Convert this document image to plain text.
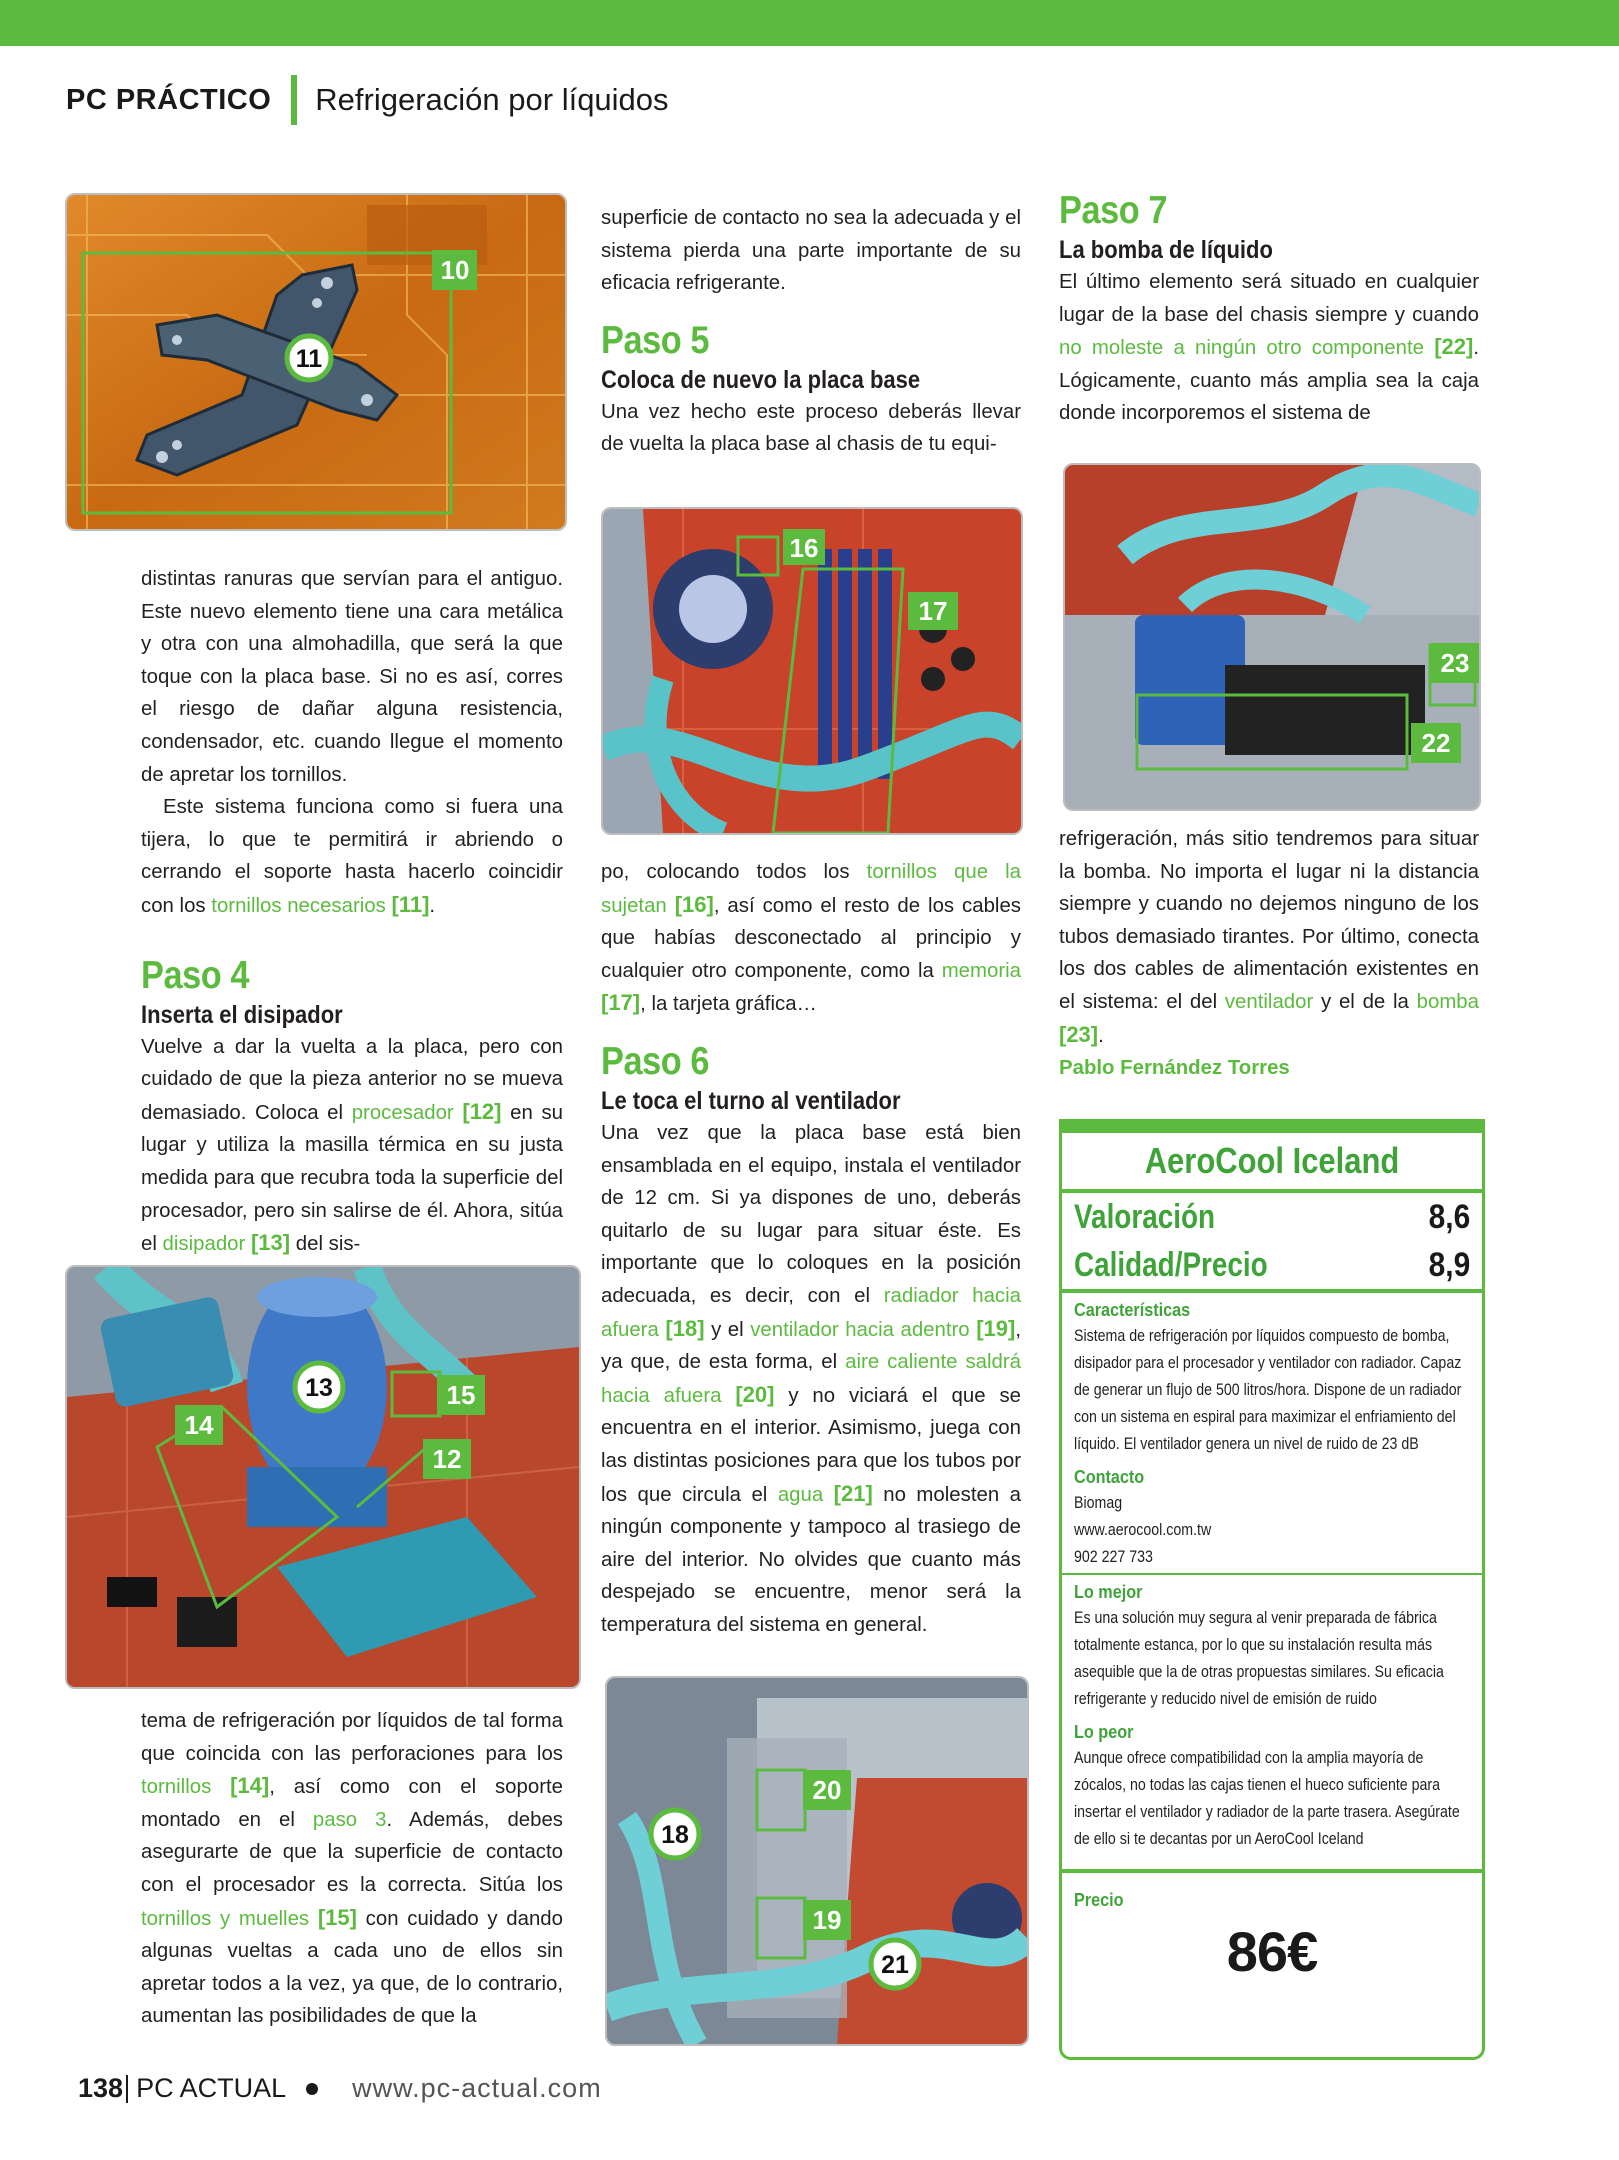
PC PRÁCTICO Refrigeración por líquidos
10
11
16
17
23
22
13	15
14
12
20
18
19
21

distintas ranuras que servían para el antiguo. Este nuevo elemento tiene una cara metálica y otra con una almohadilla, que será la que toque con la placa base. Si no es así, corres el riesgo de dañar alguna resistencia, condensador, etc. cuando llegue el momento de apretar los tornillos.

Este sistema funciona como si fuera una tijera, lo que te permitirá ir abriendo o cerrando el soporte hasta hacerlo coincidir con los tornillos necesarios [11].

Paso 4
Inserta el disipador

Vuelve a dar la vuelta a la placa, pero con cuidado de que la pieza anterior no se mueva demasiado. Coloca el procesador [12] en su lugar y utiliza la masilla térmica en su justa medida para que recubra toda la superficie del procesador, pero sin salirse de él. Ahora, sitúa el disipador [13] del sis-

tema de refrigeración por líquidos de tal forma que coincida con las perforaciones para los tornillos [14], así como con el soporte montado en el paso 3. Además, debes asegurarte de que la superficie de contacto con el procesador es la correcta. Sitúa los tornillos y muelles [15] con cuidado y dando algunas vueltas a cada uno de ellos sin apretar todos a la vez, ya que, de lo contrario, aumentan las posibilidades de que la

superficie de contacto no sea la adecuada y el sistema pierda una parte importante de su eficacia refrigerante.

Paso 5
Coloca de nuevo la placa base

Una vez hecho este proceso deberás llevar de vuelta la placa base al chasis de tu equi-

po, colocando todos los tornillos que la sujetan [16], así como el resto de los cables que habías desconectado al principio y cualquier otro componente, como la memoria [17], la tarjeta gráfica…

Paso 6
Le toca el turno al ventilador

Una vez que la placa base está bien ensamblada en el equipo, instala el ventilador de 12 cm. Si ya dispones de uno, deberás quitarlo de su lugar para situar éste. Es importante que lo coloques en la posición adecuada, es decir, con el radiador hacia afuera [18] y el ventilador hacia adentro [19], ya que, de esta forma, el aire caliente saldrá hacia afuera [20] y no viciará el que se encuentra en el interior. Asimismo, juega con las distintas posiciones para que los tubos por los que circula el agua [21] no molesten a ningún componente y tampoco al trasiego de aire del interior. No olvides que cuanto más despejado se encuentre, menor será la temperatura del sistema en general.

Paso 7
La bomba de líquido

El último elemento será situado en cualquier lugar de la base del chasis siempre y cuando no moleste a ningún otro componente [22]. Lógicamente, cuanto más amplia sea la caja donde incorporemos el sistema de

refrigeración, más sitio tendremos para situar la bomba. No importa el lugar ni la distancia siempre y cuando no dejemos ninguno de los tubos demasiado tirantes. Por último, conecta los dos cables de alimentación existentes en el sistema: el del ventilador y el de la bomba [23].

Pablo Fernández Torres

AeroCool Iceland
Valoración	8,6
Calidad/Precio	8,9
Características
Sistema de refrigeración por líquidos compuesto de bomba, disipador para el procesador y ventilador con radiador. Capaz de generar un flujo de 500 litros/hora. Dispone de un radiador con un sistema en espiral para maximizar el enfriamiento del líquido. El ventilador genera un nivel de ruido de 23 dB
Contacto
Biomag
www.aerocool.com.tw
902 227 733
Lo mejor
Es una solución muy segura al venir preparada de fábrica totalmente estanca, por lo que su instalación resulta más asequible que la de otras propuestas similares. Su eficacia refrigerante y reducido nivel de emisión de ruido
Lo peor
Aunque ofrece compatibilidad con la amplia mayoría de zócalos, no todas las cajas tienen el hueco suficiente para insertar el ventilador y radiador de la parte trasera. Asegúrate de ello si te decantas por un AeroCool Iceland
Precio
86€
138 PC ACTUAL www.pc-actual.com
